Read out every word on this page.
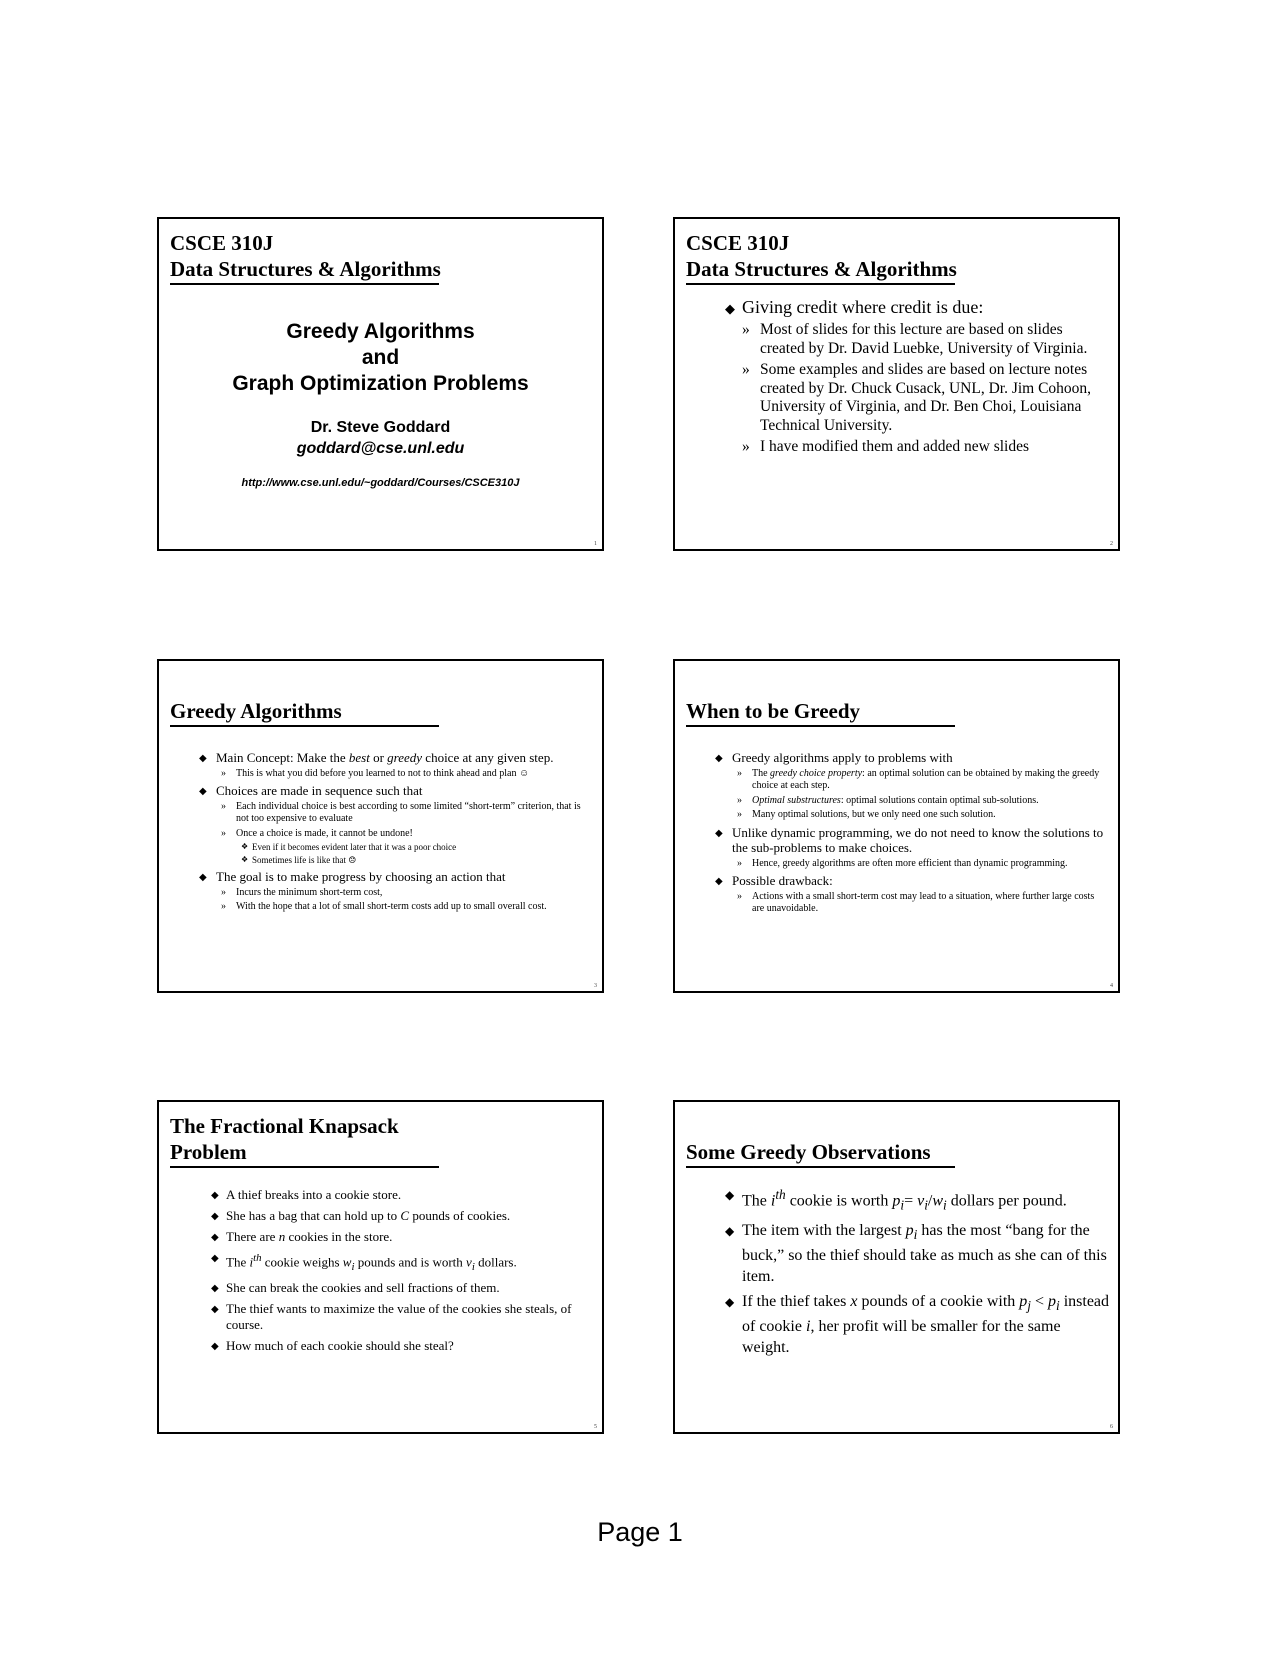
CSCE 310J
Data Structures & Algorithms
Greedy Algorithms
and
Graph Optimization Problems
Dr. Steve Goddard
goddard@cse.unl.edu
http://www.cse.unl.edu/~goddard/Courses/CSCE310J
1
CSCE 310J
Data Structures & Algorithms
◆ Giving credit where credit is due:
» Most of slides for this lecture are based on slides created by Dr. David Luebke, University of Virginia.
» Some examples and slides are based on lecture notes created by Dr. Chuck Cusack, UNL, Dr. Jim Cohoon, University of Virginia, and Dr. Ben Choi, Louisiana Technical University.
» I have modified them and added new slides
2
Greedy Algorithms
◆ Main Concept: Make the best or greedy choice at any given step.
» This is what you did before you learned to not to think ahead and plan ☺
◆ Choices are made in sequence such that
» Each individual choice is best according to some limited “short-term” criterion, that is not too expensive to evaluate
» Once a choice is made, it cannot be undone!
❖ Even if it becomes evident later that it was a poor choice
❖ Sometimes life is like that ☹
◆ The goal is to make progress by choosing an action that
» Incurs the minimum short-term cost,
» With the hope that a lot of small short-term costs add up to small overall cost.
3
When to be Greedy
◆ Greedy algorithms apply to problems with
» The greedy choice property: an optimal solution can be obtained by making the greedy choice at each step.
» Optimal substructures: optimal solutions contain optimal sub-solutions.
» Many optimal solutions, but we only need one such solution.
◆ Unlike dynamic programming, we do not need to know the solutions to the sub-problems to make choices.
» Hence, greedy algorithms are often more efficient than dynamic programming.
◆ Possible drawback:
» Actions with a small short-term cost may lead to a situation, where further large costs are unavoidable.
4
The Fractional Knapsack
Problem
◆ A thief breaks into a cookie store.
◆ She has a bag that can hold up to C pounds of cookies.
◆ There are n cookies in the store.
◆ The $i^{th}$ cookie weighs $w_i$ pounds and is worth $v_i$ dollars.
◆ She can break the cookies and sell fractions of them.
◆ The thief wants to maximize the value of the cookies she steals, of course.
◆ How much of each cookie should she steal?
5
Some Greedy Observations
◆ The $i^{th}$ cookie is worth $p_i= v_i/w_i$ dollars per pound.
◆ The item with the largest $p_i$ has the most “bang for the buck,” so the thief should take as much as she can of this item.
◆ If the thief takes x pounds of a cookie with $p_j < p_i$ instead of cookie i, her profit will be smaller for the same weight.
6
Page 1
